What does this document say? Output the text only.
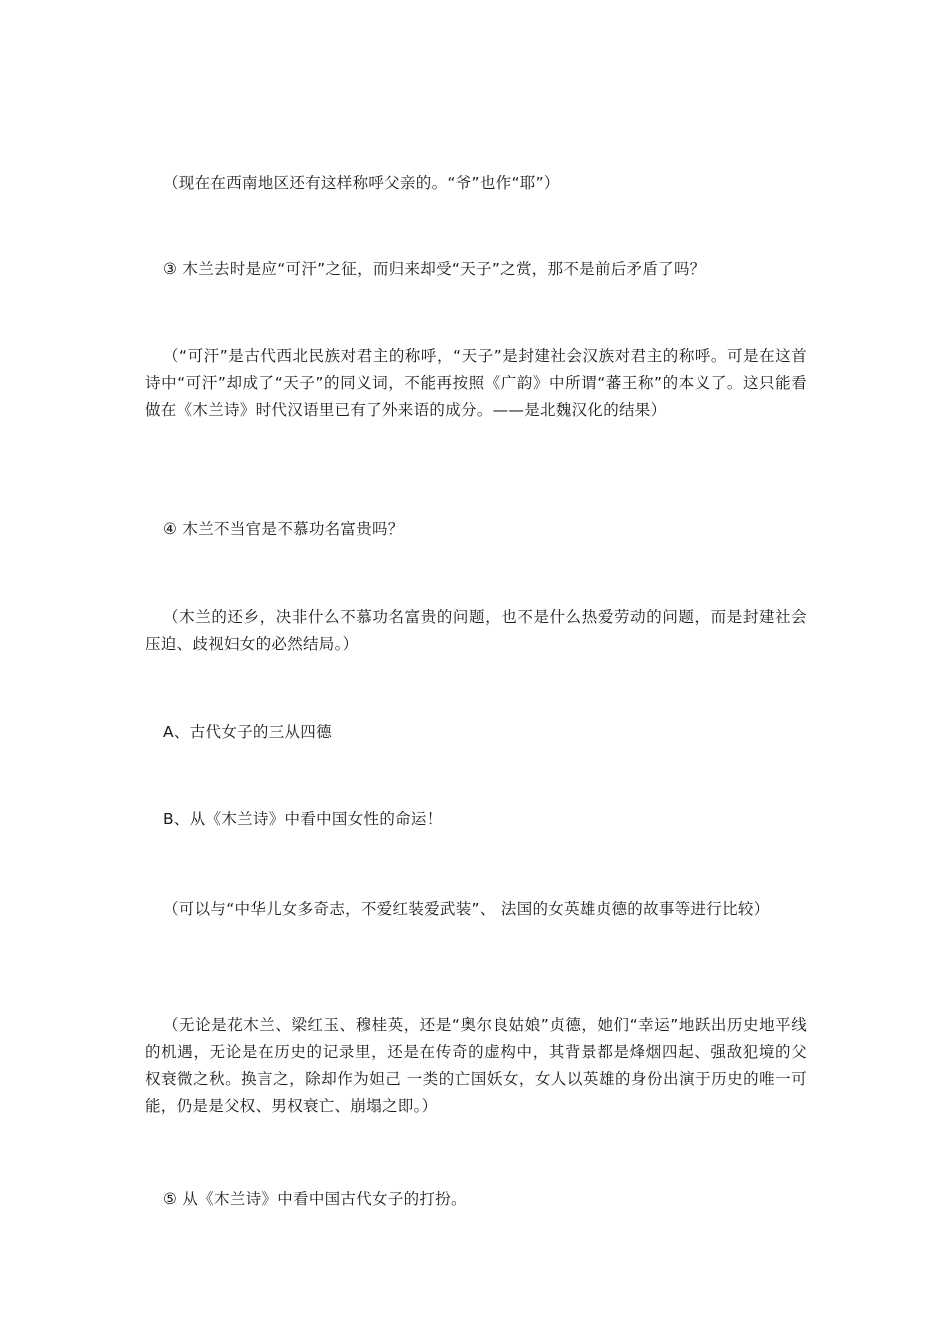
（现在在西南地区还有这样称呼父亲的。“爷”也作“耶”）

③ 木兰去时是应“可汗”之征，而归来却受“天子”之赏，那不是前后矛盾了吗？

（“可汗”是古代西北民族对君主的称呼，“天子”是封建社会汉族对君主的称呼。可是在这首诗中“可汗”却成了“天子”的同义词，不能再按照《广韵》中所谓“蕃王称”的本义了。这只能看做在《木兰诗》时代汉语里已有了外来语的成分。——是北魏汉化的结果）

④ 木兰不当官是不慕功名富贵吗？

（木兰的还乡，决非什么不慕功名富贵的问题，也不是什么热爱劳动的问题，而是封建社会压迫、歧视妇女的必然结局。）

A、古代女子的三从四德

B、从《木兰诗》中看中国女性的命运！

（可以与“中华儿女多奇志，不爱红装爱武装”、 法国的女英雄贞德的故事等进行比较）

（无论是花木兰、梁红玉、穆桂英，还是“奥尔良姑娘”贞德，她们“幸运”地跃出历史地平线的机遇，无论是在历史的记录里，还是在传奇的虚构中，其背景都是烽烟四起、强敌犯境的父权衰微之秋。换言之，除却作为妲己 一类的亡国妖女，女人以英雄的身份出演于历史的唯一可能，仍是是父权、男权衰亡、崩塌之即。）

⑤ 从《木兰诗》中看中国古代女子的打扮。
